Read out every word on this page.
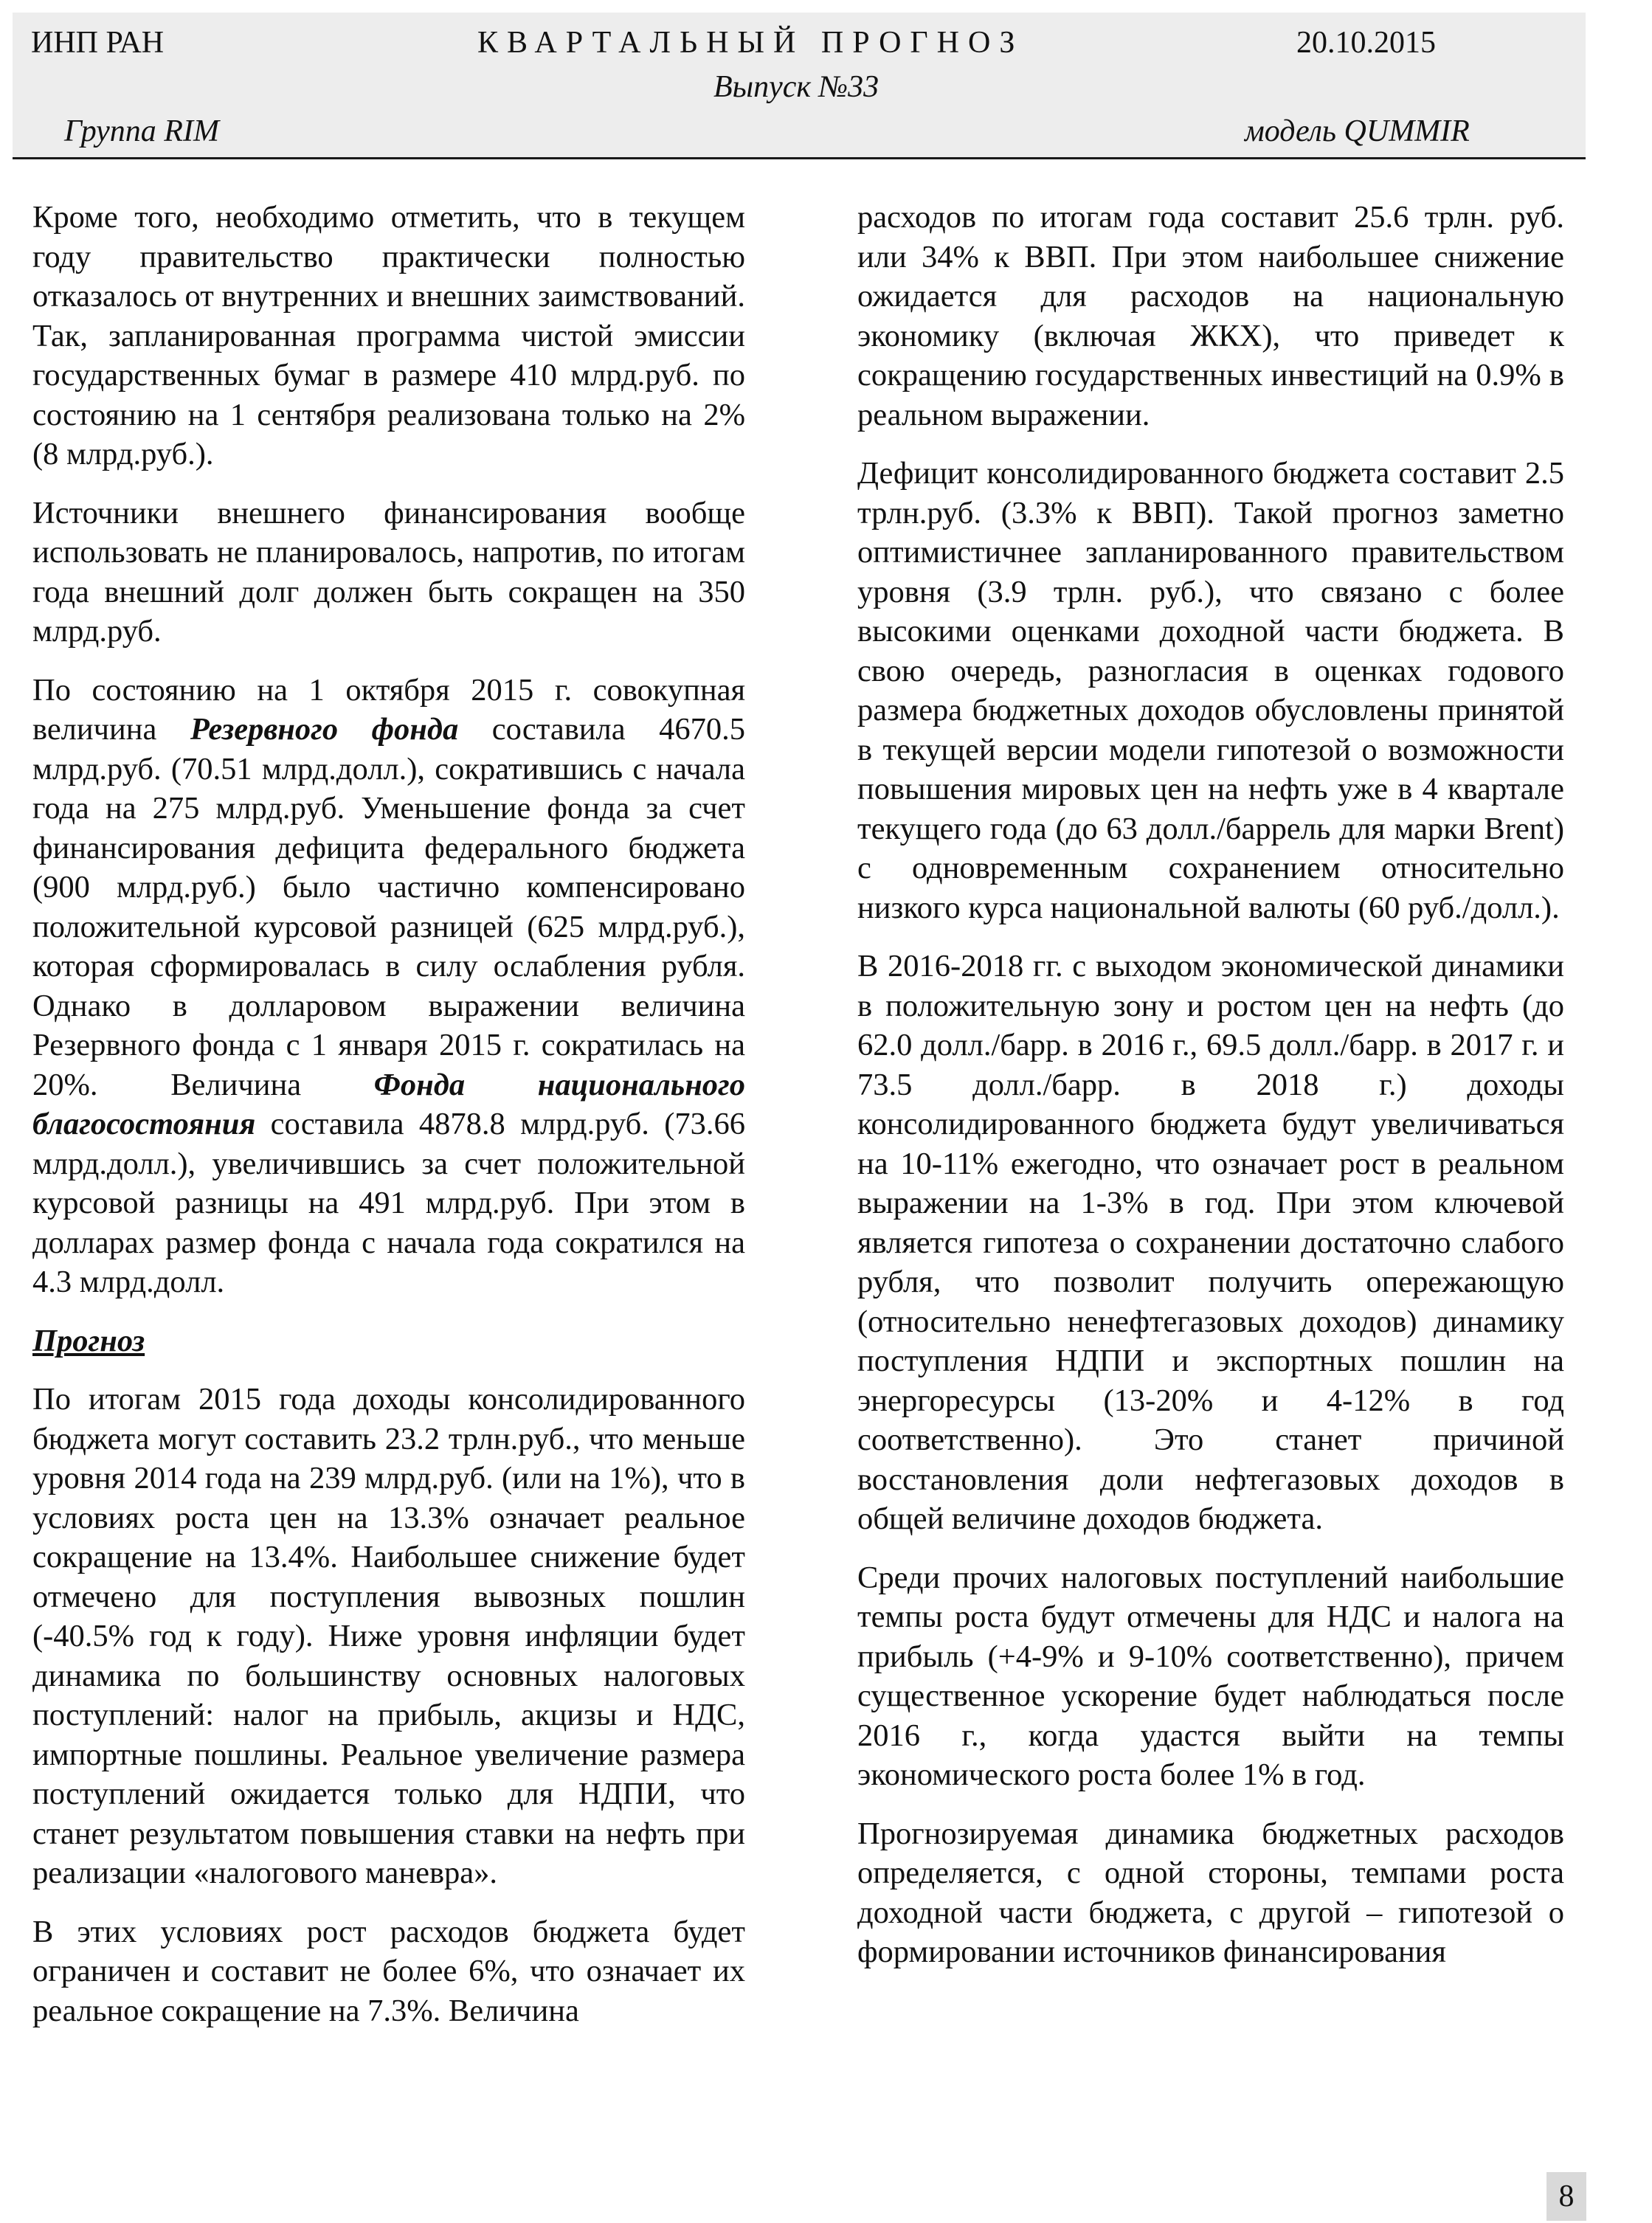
ИНП РАН	КВАРТАЛЬНЫЙ ПРОГНОЗ	20.10.2015
Выпуск №33
Группа RIM	модель QUMMIR

Кроме того, необходимо отметить, что в текущем году правительство практически полностью отказалось от внутренних и внешних заимствований. Так, запланированная программа чистой эмиссии государственных бумаг в размере 410 млрд.руб. по состоянию на 1 сентября реализована только на 2% (8 млрд.руб.).

Источники внешнего финансирования вообще использовать не планировалось, напротив, по итогам года внешний долг должен быть сокращен на 350 млрд.руб.

По состоянию на 1 октября 2015 г. совокупная величина Резервного фонда составила 4670.5 млрд.руб. (70.51 млрд.долл.), сократившись с начала года на 275 млрд.руб. Уменьшение фонда за счет финансирования дефицита федерального бюджета (900 млрд.руб.) было частично компенсировано положительной курсовой разницей (625 млрд.руб.), которая сформировалась в силу ослабления рубля. Однако в долларовом выражении величина Резервного фонда с 1 января 2015 г. сократилась на 20%. Величина Фонда национального благосостояния составила 4878.8 млрд.руб. (73.66 млрд.долл.), увеличившись за счет положительной курсовой разницы на 491 млрд.руб. При этом в долларах размер фонда с начала года сократился на 4.3 млрд.долл.

Прогноз

По итогам 2015 года доходы консолидированного бюджета могут составить 23.2 трлн.руб., что меньше уровня 2014 года на 239 млрд.руб. (или на 1%), что в условиях роста цен на 13.3% означает реальное сокращение на 13.4%. Наибольшее снижение будет отмечено для поступления вывозных пошлин (-40.5% год к году). Ниже уровня инфляции будет динамика по большинству основных налоговых поступлений: налог на прибыль, акцизы и НДС, импортные пошлины. Реальное увеличение размера поступлений ожидается только для НДПИ, что станет результатом повышения ставки на нефть при реализации «налогового маневра».

В этих условиях рост расходов бюджета будет ограничен и составит не более 6%, что означает их реальное сокращение на 7.3%. Величина

расходов по итогам года составит 25.6 трлн. руб. или 34% к ВВП. При этом наибольшее снижение ожидается для расходов на национальную экономику (включая ЖКХ), что приведет к сокращению государственных инвестиций на 0.9% в реальном выражении.

Дефицит консолидированного бюджета составит 2.5 трлн.руб. (3.3% к ВВП). Такой прогноз заметно оптимистичнее запланированного правительством уровня (3.9 трлн. руб.), что связано с более высокими оценками доходной части бюджета. В свою очередь, разногласия в оценках годового размера бюджетных доходов обусловлены принятой в текущей версии модели гипотезой о возможности повышения мировых цен на нефть уже в 4 квартале текущего года (до 63 долл./баррель для марки Brent) с одновременным сохранением относительно низкого курса национальной валюты (60 руб./долл.).

В 2016-2018 гг. с выходом экономической динамики в положительную зону и ростом цен на нефть (до 62.0 долл./барр. в 2016 г., 69.5 долл./барр. в 2017 г. и 73.5 долл./барр. в 2018 г.) доходы консолидированного бюджета будут увеличиваться на 10-11% ежегодно, что означает рост в реальном выражении на 1-3% в год. При этом ключевой является гипотеза о сохранении достаточно слабого рубля, что позволит получить опережающую (относительно ненефтегазовых доходов) динамику поступления НДПИ и экспортных пошлин на энергоресурсы (13-20% и 4-12% в год соответственно). Это станет причиной восстановления доли нефтегазовых доходов в общей величине доходов бюджета.

Среди прочих налоговых поступлений наибольшие темпы роста будут отмечены для НДС и налога на прибыль (+4-9% и 9-10% соответственно), причем существенное ускорение будет наблюдаться после 2016 г., когда удастся выйти на темпы экономического роста более 1% в год.

Прогнозируемая динамика бюджетных расходов определяется, с одной стороны, темпами роста доходной части бюджета, с другой – гипотезой о формировании источников финансирования

8
